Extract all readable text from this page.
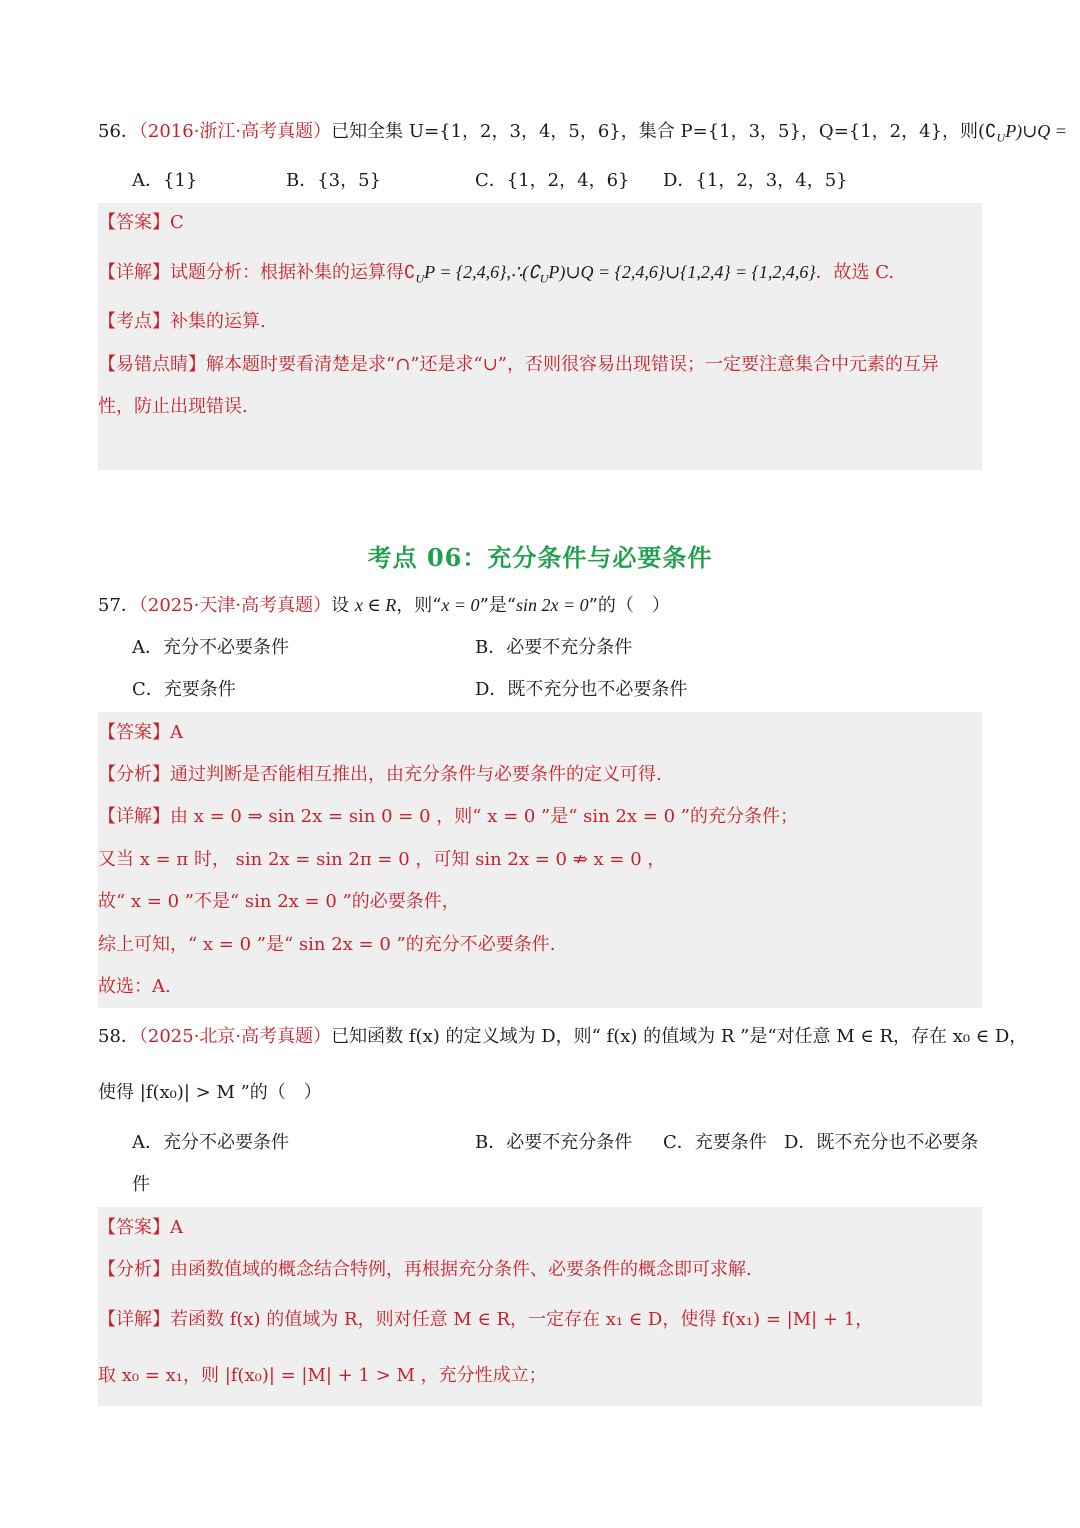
56．（2016·浙江·高考真题）已知全集 U={1，2，3，4，5，6}，集合 P={1，3，5}，Q={1，2，4}，则$(∁_UP)\cup Q$ =
A．{1}	B．{3，5}	C．{1，2，4，6} D．{1，2，3，4，5}
【答案】C
【详解】试题分析：根据补集的运算得$∁_UP$ = $\{2,4,6\},\therefore(∁_UP)\cup Q$ = {2,4,6}∪{1,2,4} = {1,2,4,6}．故选 C.
【考点】补集的运算.
【易错点睛】解本题时要看清楚是求“∩”还是求“∪”，否则很容易出现错误；一定要注意集合中元素的互异
性，防止出现错误.
考点 06：充分条件与必要条件
57．（2025·天津·高考真题）设 x ∈ R，则“x = 0”是“sin 2x = 0”的（　）
A．充分不必要条件	B．必要不充分条件
C．充要条件	D．既不充分也不必要条件
【答案】A
【分析】通过判断是否能相互推出，由充分条件与必要条件的定义可得.
【详解】由 x = 0 ⇒ sin 2x = sin 0 = 0 ，则“ x = 0 ”是“ sin 2x = 0 ”的充分条件；
又当 x = π 时， sin 2x = sin 2π = 0 ，可知 sin 2x = 0 ⇏ x = 0 ，
故“ x = 0 ”不是“ sin 2x = 0 ”的必要条件，
综上可知，“ x = 0 ”是“ sin 2x = 0 ”的充分不必要条件.
故选：A.
58．（2025·北京·高考真题）已知函数 f(x) 的定义域为 D，则“ f(x) 的值域为 R ”是“对任意 M ∈ R，存在 x₀ ∈ D，
使得 |f(x₀)| > M ”的（　）
A．充分不必要条件	B．必要不充分条件 C．充要条件 D．既不充分也不必要条
件
【答案】A
【分析】由函数值域的概念结合特例，再根据充分条件、必要条件的概念即可求解.
【详解】若函数 f(x) 的值域为 R，则对任意 M ∈ R，一定存在 x₁ ∈ D，使得 f(x₁) = |M| + 1，
取 x₀ = x₁，则 |f(x₀)| = |M| + 1 > M ，充分性成立；
